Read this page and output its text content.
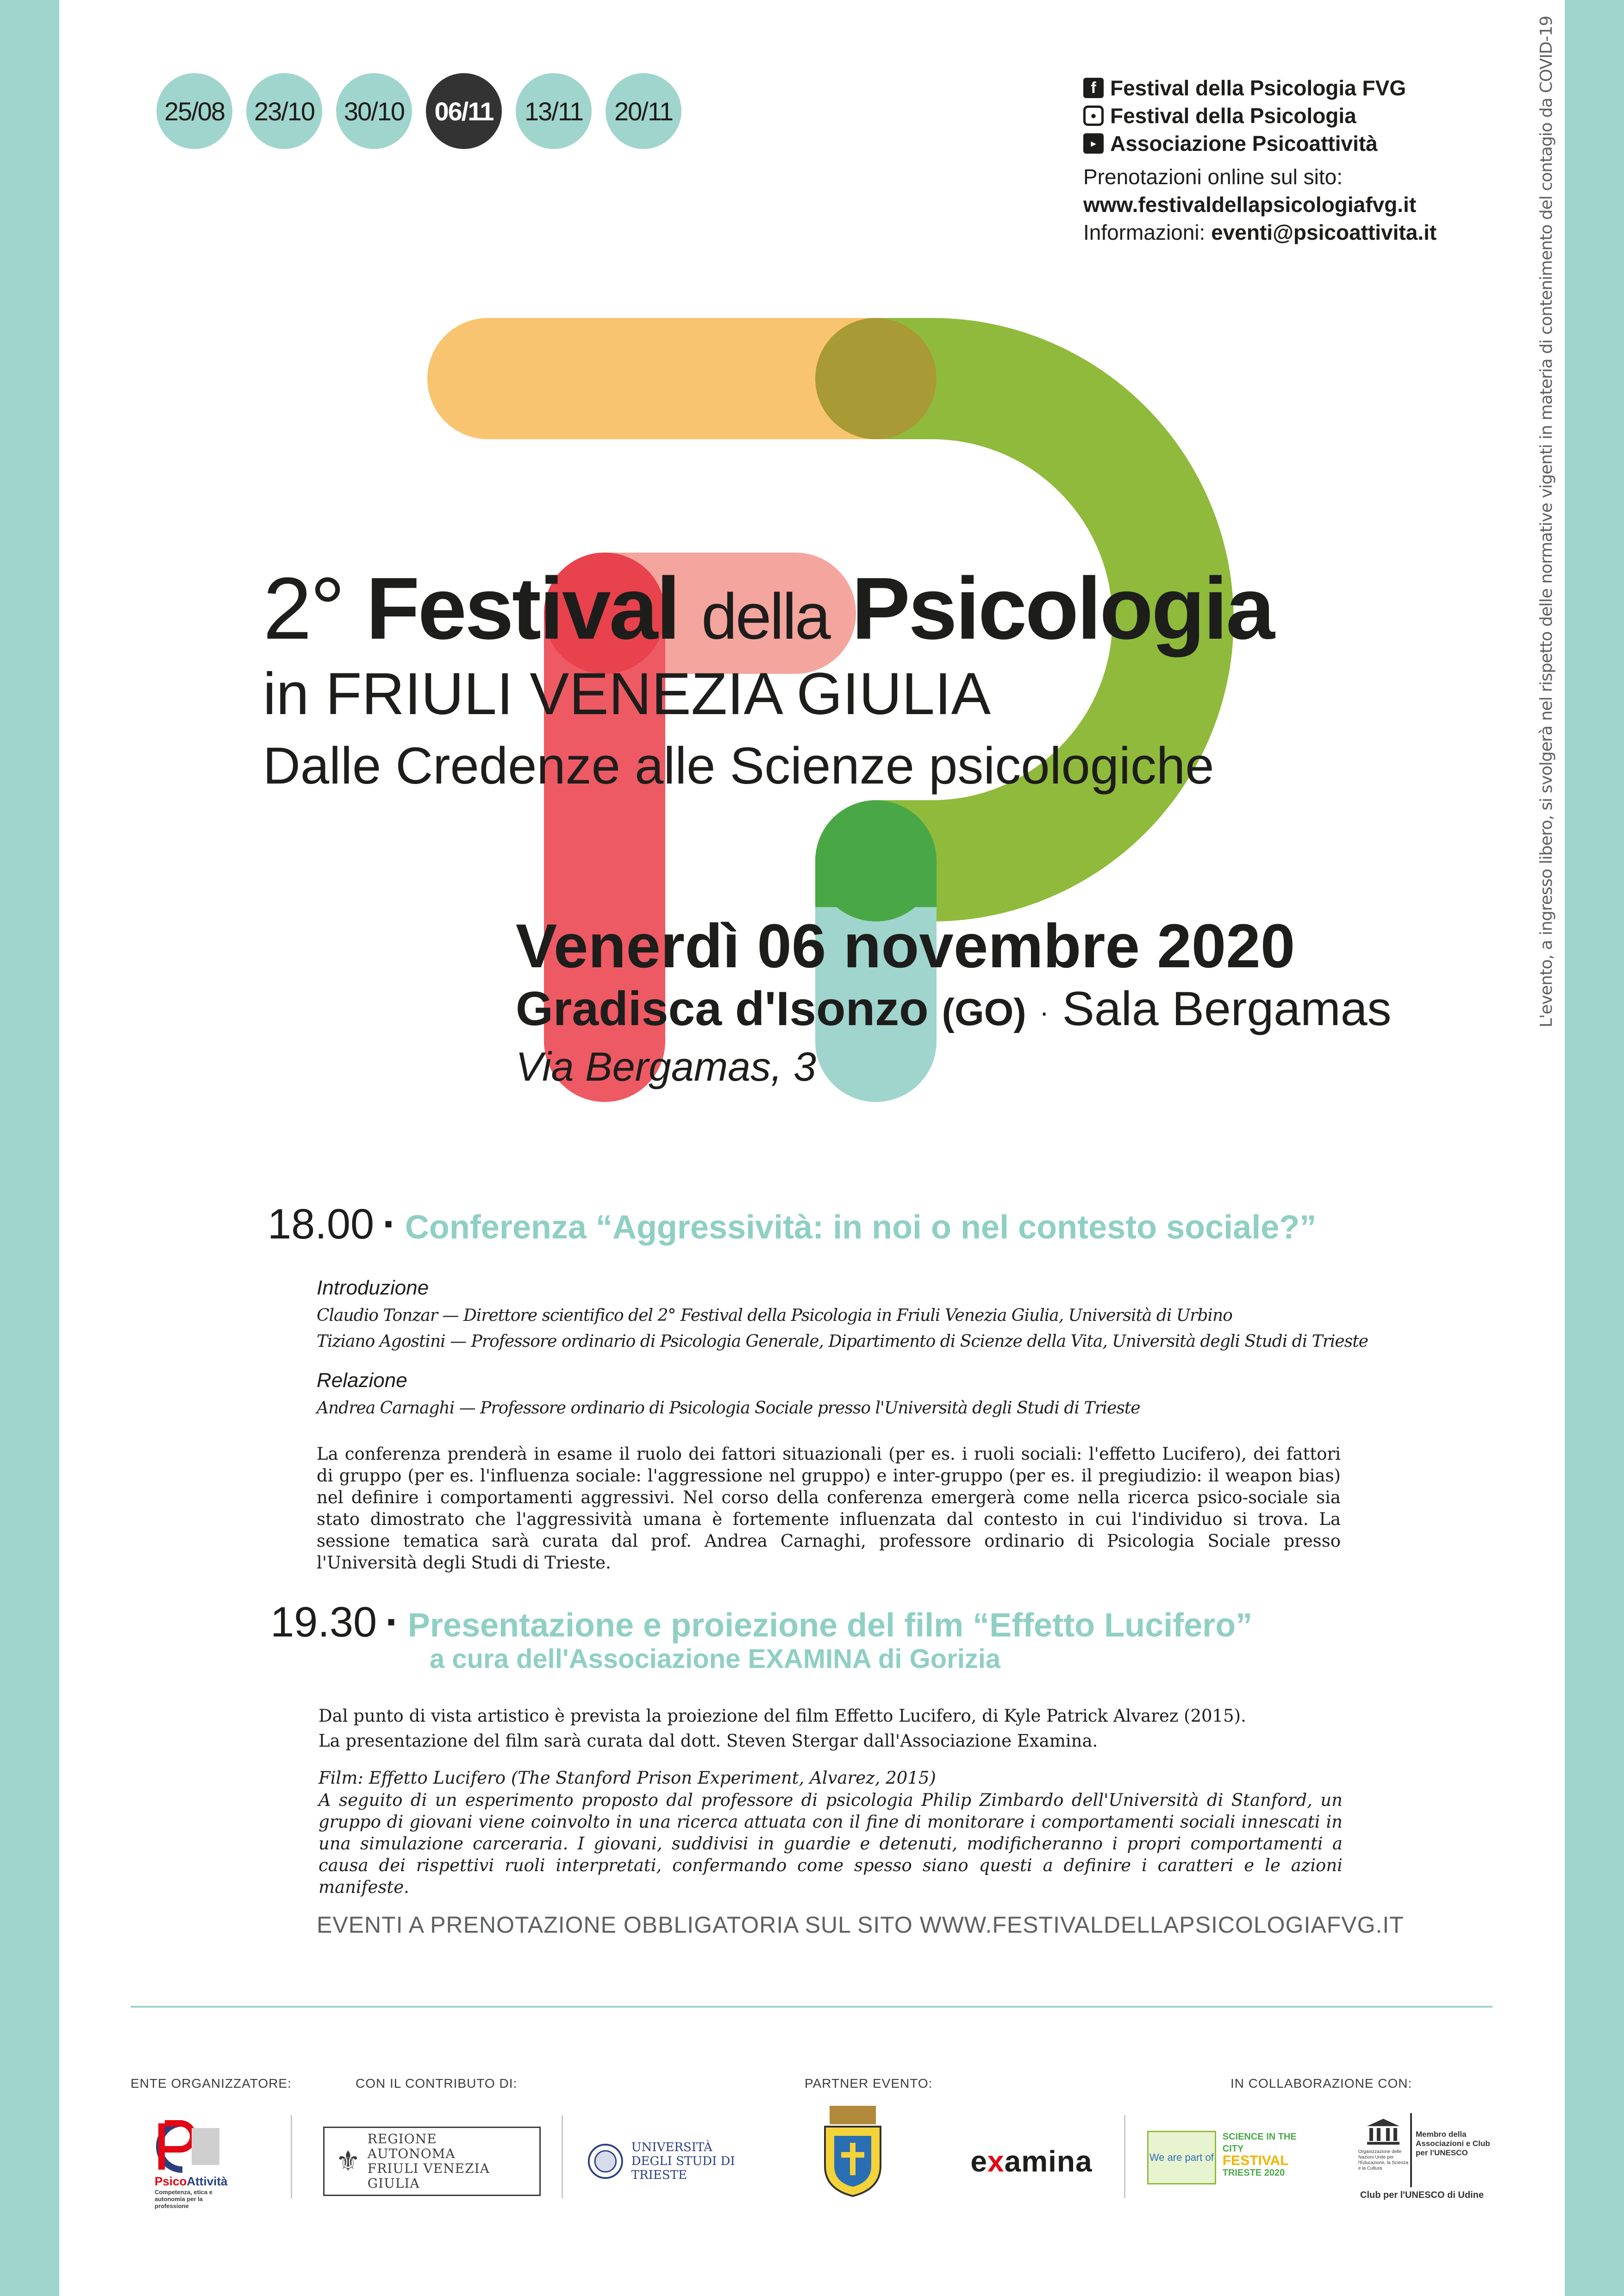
25/08	23/10	30/10	06/11	13/11	20/11
f Festival della Psicologia FVG
● Festival della Psicologia
▶ Associazione Psicoattività
Prenotazioni online sul sito:
www.festivaldellapsicologiafvg.it
Informazioni: eventi@psicoattivita.it
2° Festival della Psicologia
in FRIULI VENEZIA GIULIA
Dalle Credenze alle Scienze psicologiche
Venerdì 06 novembre 2020
Gradisca d'Isonzo (GO) · Sala Bergamas
Via Bergamas, 3
18.00 · Conferenza “Aggressività: in noi o nel contesto sociale?”
Introduzione
Claudio Tonzar — Direttore scientifico del 2° Festival della Psicologia in Friuli Venezia Giulia, Università di Urbino
Tiziano Agostini — Professore ordinario di Psicologia Generale, Dipartimento di Scienze della Vita, Università degli Studi di Trieste
Relazione
Andrea Carnaghi — Professore ordinario di Psicologia Sociale presso l'Università degli Studi di Trieste
La conferenza prenderà in esame il ruolo dei fattori situazionali (per es. i ruoli sociali: l'effetto Lucifero), dei fattori di gruppo (per es. l'influenza sociale: l'aggressione nel gruppo) e inter-gruppo (per es. il pregiudizio: il weapon bias) nel definire i comportamenti aggressivi. Nel corso della conferenza emergerà come nella ricerca psico-sociale sia stato dimostrato che l'aggressività umana è fortemente influenzata dal contesto in cui l'individuo si trova. La sessione tematica sarà curata dal prof. Andrea Carnaghi, professore ordinario di Psicologia Sociale presso l'Università degli Studi di Trieste.
19.30 · Presentazione e proiezione del film “Effetto Lucifero”
a cura dell'Associazione EXAMINA di Gorizia
Dal punto di vista artistico è prevista la proiezione del film Effetto Lucifero, di Kyle Patrick Alvarez (2015).
La presentazione del film sarà curata dal dott. Steven Stergar dall'Associazione Examina.
Film: Effetto Lucifero (The Stanford Prison Experiment, Alvarez, 2015)
A seguito di un esperimento proposto dal professore di psicologia Philip Zimbardo dell'Università di Stanford, un gruppo di giovani viene coinvolto in una ricerca attuata con il fine di monitorare i comportamenti sociali innescati in una simulazione carceraria. I giovani, suddivisi in guardie e detenuti, modificheranno i propri comportamenti a causa dei rispettivi ruoli interpretati, confermando come spesso siano questi a definire i caratteri e le azioni manifeste.
EVENTI A PRENOTAZIONE OBBLIGATORIA SUL SITO WWW.FESTIVALDELLAPSICOLOGIAFVG.IT
ENTE ORGANIZZATORE:	CON IL CONTRIBUTO DI:	PARTNER EVENTO:	IN COLLABORAZIONE CON:
PsicoAttività
Competenza, etica e autonomia per la professione
⚜
REGIONE AUTONOMA
FRIULI VENEZIA GIULIA
UNIVERSITÀ
DEGLI STUDI DI TRIESTE	e x amina	We are part of
SCIENCE IN THE CITY
FESTIVAL
TRIESTE 2020
Organizzazione delle Nazioni Unite per l'Educazione, la Scienza e la Cultura
Membro della Associazioni e Club per l'UNESCO
Club per l'UNESCO di Udine
L'evento, a ingresso libero, si svolgerà nel rispetto delle normative vigenti in materia di contenimento del contagio da COVID-19
